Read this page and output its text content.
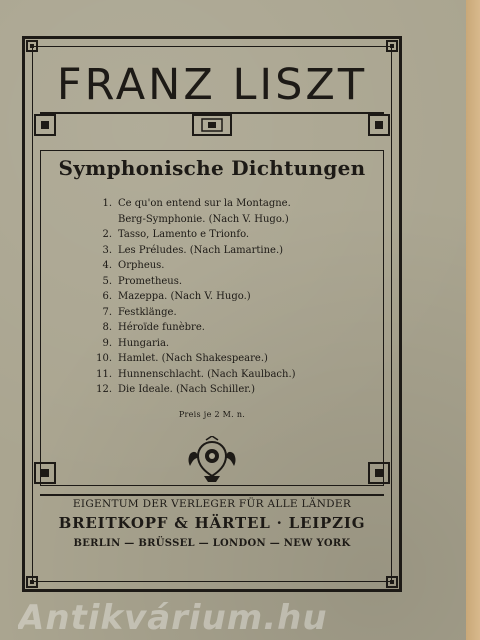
FRANZ LISZT
Symphonische Dichtungen
1. Ce qu'on entend sur la Montagne.
Berg-Symphonie. (Nach V. Hugo.)
2. Tasso, Lamento e Trionfo.
3. Les Préludes. (Nach Lamartine.)
4. Orpheus.
5. Prometheus.
6. Mazeppa. (Nach V. Hugo.)
7. Festklänge.
8. Héroïde funèbre.
9. Hungaria.
10. Hamlet. (Nach Shakespeare.)
11. Hunnenschlacht. (Nach Kaulbach.)
12. Die Ideale. (Nach Schiller.)
Preis je 2 M. n.
EIGENTUM DER VERLEGER FÜR ALLE LÄNDER
BREITKOPF & HÄRTEL · LEIPZIG
BERLIN — BRÜSSEL — LONDON — NEW YORK
Antikvárium.hu
